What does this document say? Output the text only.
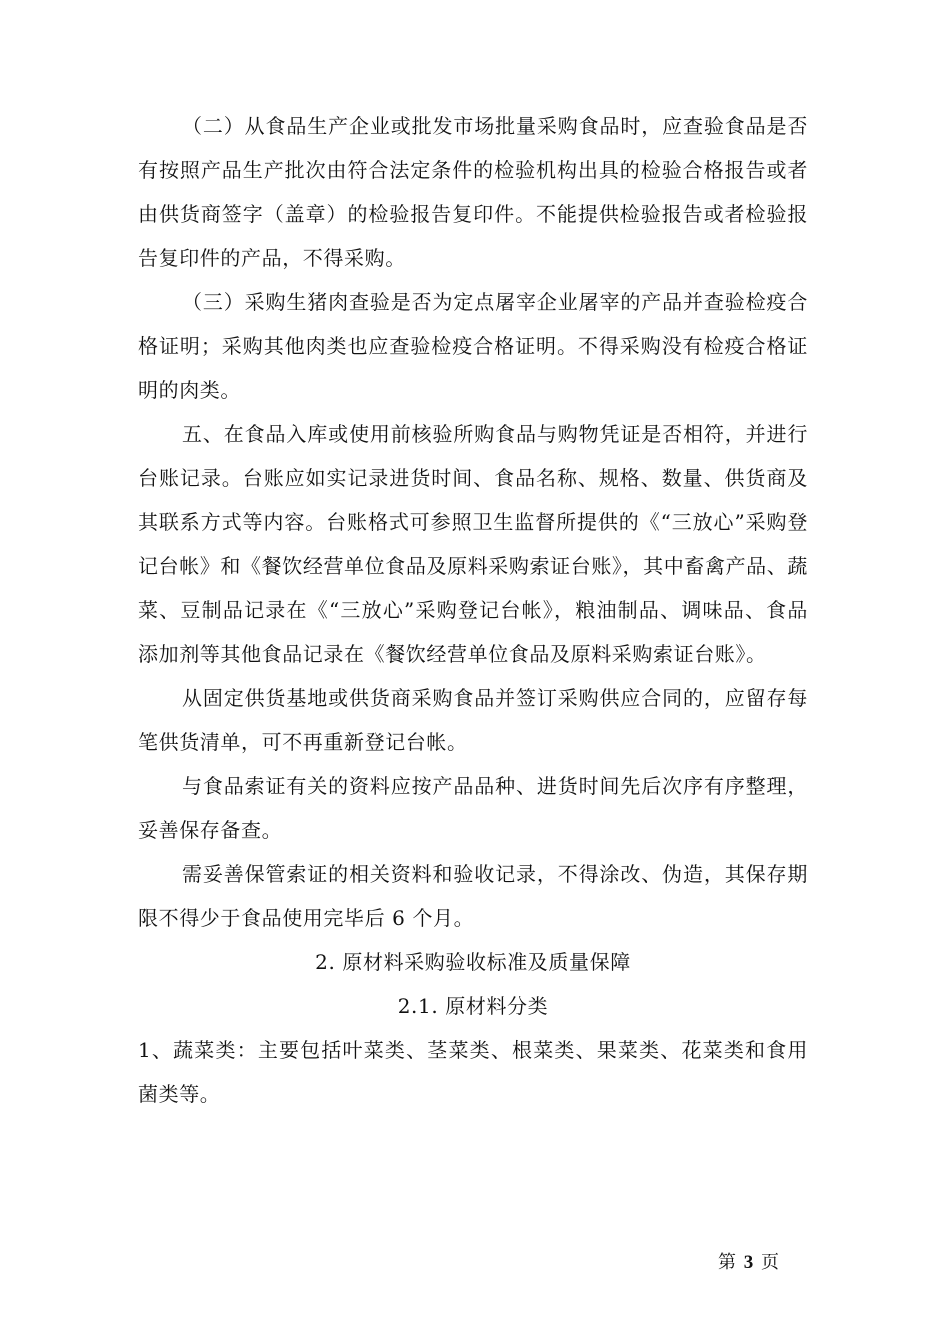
（二）从食品生产企业或批发市场批量采购食品时，应查验食品是否有按照产品生产批次由符合法定条件的检验机构出具的检验合格报告或者由供货商签字（盖章）的检验报告复印件。不能提供检验报告或者检验报告复印件的产品，不得采购。

（三）采购生猪肉查验是否为定点屠宰企业屠宰的产品并查验检疫合格证明；采购其他肉类也应查验检疫合格证明。不得采购没有检疫合格证明的肉类。

五、在食品入库或使用前核验所购食品与购物凭证是否相符，并进行台账记录。台账应如实记录进货时间、食品名称、规格、数量、供货商及其联系方式等内容。台账格式可参照卫生监督所提供的《“三放心”采购登记台帐》和《餐饮经营单位食品及原料采购索证台账》，其中畜禽产品、蔬菜、豆制品记录在《“三放心”采购登记台帐》，粮油制品、调味品、食品添加剂等其他食品记录在《餐饮经营单位食品及原料采购索证台账》。

从固定供货基地或供货商采购食品并签订采购供应合同的，应留存每笔供货清单，可不再重新登记台帐。

与食品索证有关的资料应按产品品种、进货时间先后次序有序整理，妥善保存备查。

需妥善保管索证的相关资料和验收记录，不得涂改、伪造，其保存期限不得少于食品使用完毕后 6 个月。

2. 原材料采购验收标准及质量保障

2.1. 原材料分类

1、蔬菜类：主要包括叶菜类、茎菜类、根菜类、果菜类、花菜类和食用菌类等。

第 3 页
